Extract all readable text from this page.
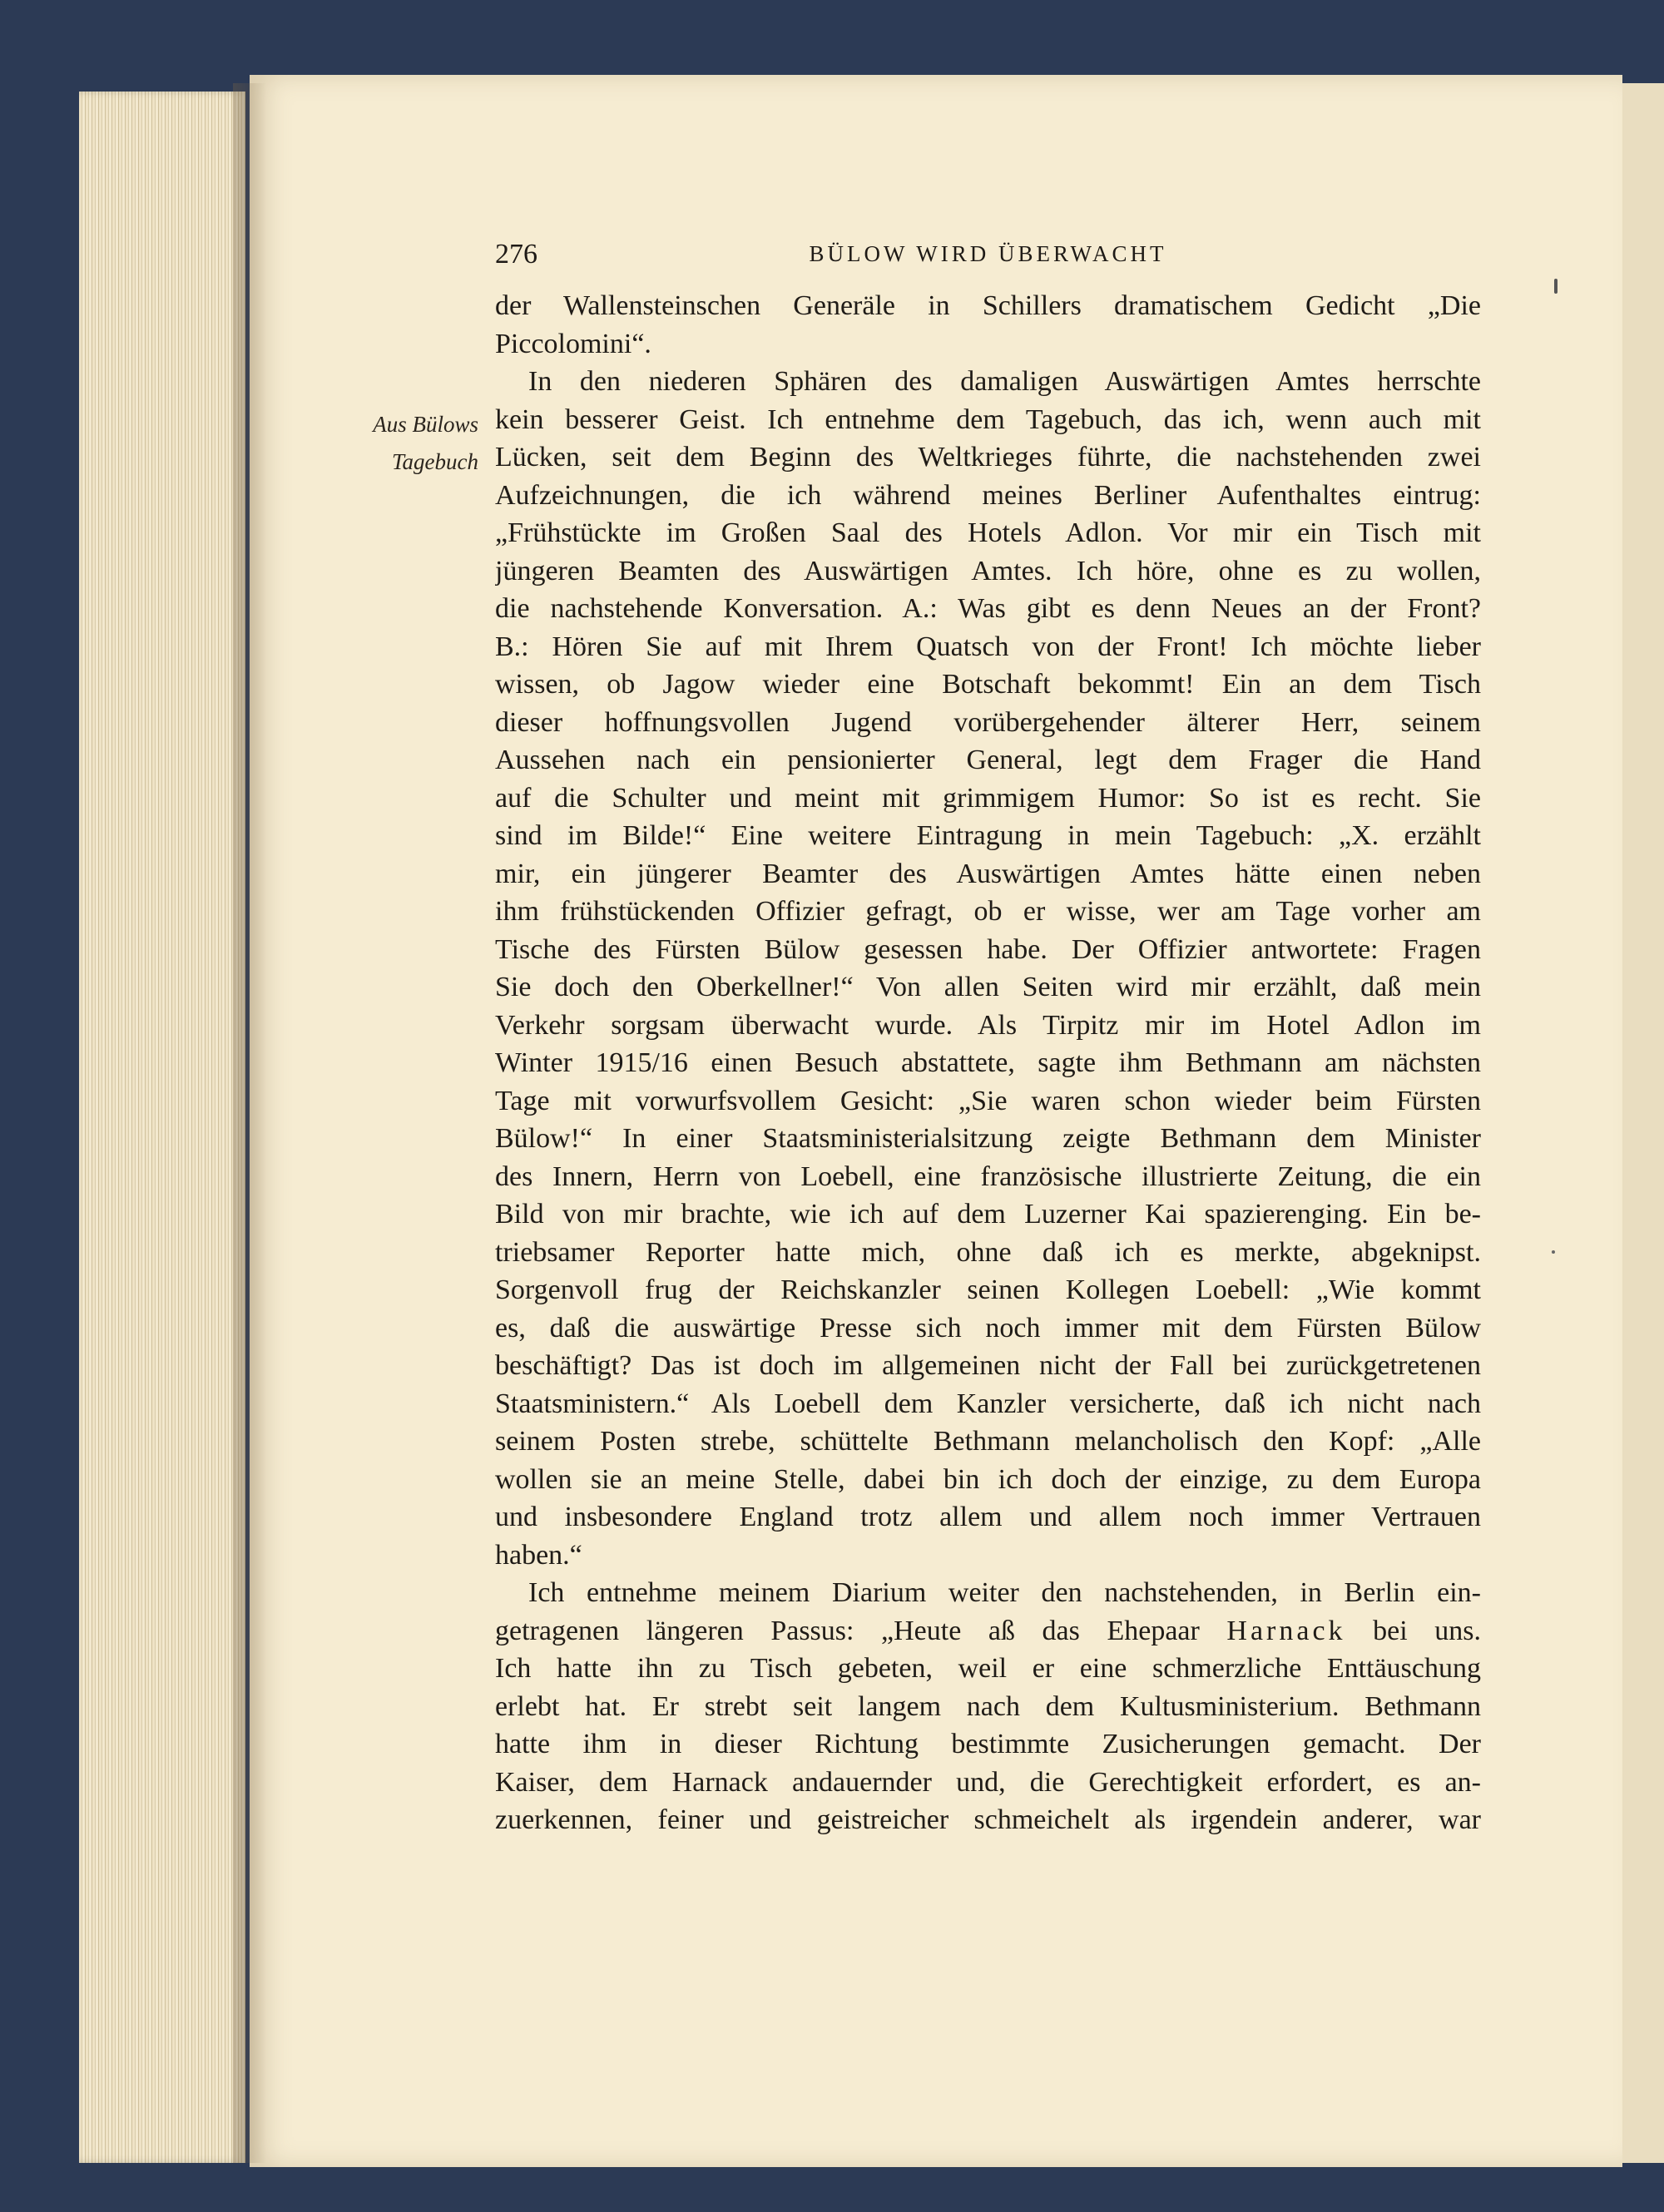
276	BÜLOW WIRD ÜBERWACHT
Aus Bülows
Tagebuch
der Wallensteinschen Generäle in Schillers dramatischem Gedicht „Die
Piccolomini“.
In den niederen Sphären des damaligen Auswärtigen Amtes herrschte
kein besserer Geist. Ich entnehme dem Tagebuch, das ich, wenn auch mit
Lücken, seit dem Beginn des Weltkrieges führte, die nachstehenden zwei
Aufzeichnungen, die ich während meines Berliner Aufenthaltes eintrug:
„Frühstückte im Großen Saal des Hotels Adlon. Vor mir ein Tisch mit
jüngeren Beamten des Auswärtigen Amtes. Ich höre, ohne es zu wollen,
die nachstehende Konversation. A.: Was gibt es denn Neues an der Front?
B.: Hören Sie auf mit Ihrem Quatsch von der Front! Ich möchte lieber
wissen, ob Jagow wieder eine Botschaft bekommt! Ein an dem Tisch
dieser hoffnungsvollen Jugend vorübergehender älterer Herr, seinem
Aussehen nach ein pensionierter General, legt dem Frager die Hand
auf die Schulter und meint mit grimmigem Humor: So ist es recht. Sie
sind im Bilde!“ Eine weitere Eintragung in mein Tagebuch: „X. erzählt
mir, ein jüngerer Beamter des Auswärtigen Amtes hätte einen neben
ihm frühstückenden Offizier gefragt, ob er wisse, wer am Tage vorher am
Tische des Fürsten Bülow gesessen habe. Der Offizier antwortete: Fragen
Sie doch den Oberkellner!“ Von allen Seiten wird mir erzählt, daß mein
Verkehr sorgsam überwacht wurde. Als Tirpitz mir im Hotel Adlon im
Winter 1915/16 einen Besuch abstattete, sagte ihm Bethmann am nächsten
Tage mit vorwurfsvollem Gesicht: „Sie waren schon wieder beim Fürsten
Bülow!“ In einer Staatsministerialsitzung zeigte Bethmann dem Minister
des Innern, Herrn von Loebell, eine französische illustrierte Zeitung, die ein
Bild von mir brachte, wie ich auf dem Luzerner Kai spazierenging. Ein be-
triebsamer Reporter hatte mich, ohne daß ich es merkte, abgeknipst.
Sorgenvoll frug der Reichskanzler seinen Kollegen Loebell: „Wie kommt
es, daß die auswärtige Presse sich noch immer mit dem Fürsten Bülow
beschäftigt? Das ist doch im allgemeinen nicht der Fall bei zurückgetretenen
Staatsministern.“ Als Loebell dem Kanzler versicherte, daß ich nicht nach
seinem Posten strebe, schüttelte Bethmann melancholisch den Kopf: „Alle
wollen sie an meine Stelle, dabei bin ich doch der einzige, zu dem Europa
und insbesondere England trotz allem und allem noch immer Vertrauen
haben.“
Ich entnehme meinem Diarium weiter den nachstehenden, in Berlin ein-
getragenen längeren Passus: „Heute aß das Ehepaar Harnack bei uns.
Ich hatte ihn zu Tisch gebeten, weil er eine schmerzliche Enttäuschung
erlebt hat. Er strebt seit langem nach dem Kultusministerium. Bethmann
hatte ihm in dieser Richtung bestimmte Zusicherungen gemacht. Der
Kaiser, dem Harnack andauernder und, die Gerechtigkeit erfordert, es an-
zuerkennen, feiner und geistreicher schmeichelt als irgendein anderer, war
